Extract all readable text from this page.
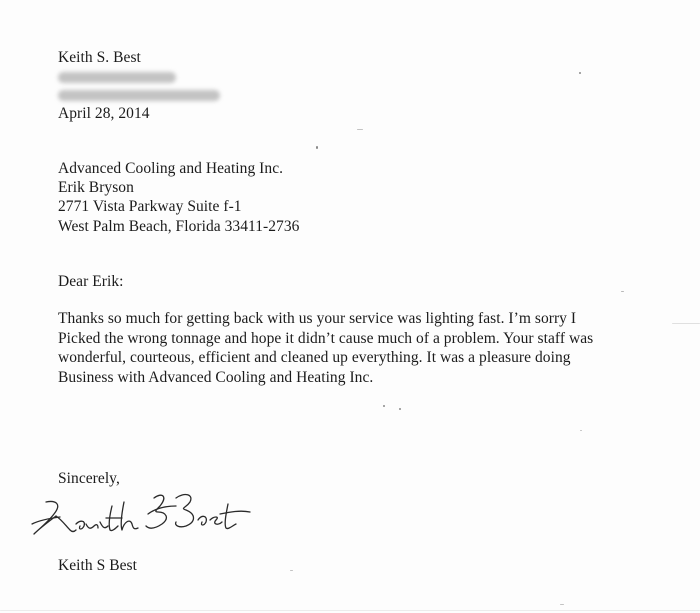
Keith S. Best
April 28, 2014
Advanced Cooling and Heating Inc.
Erik Bryson
2771 Vista Parkway Suite f-1
West Palm Beach, Florida 33411-2736
Dear Erik:
Thanks so much for getting back with us your service was lighting fast. I’m sorry I
Picked the wrong tonnage and hope it didn’t cause much of a problem. Your staff was
wonderful, courteous, efficient and cleaned up everything. It was a pleasure doing
Business with Advanced Cooling and Heating Inc.
Sincerely,
Keith S Best
